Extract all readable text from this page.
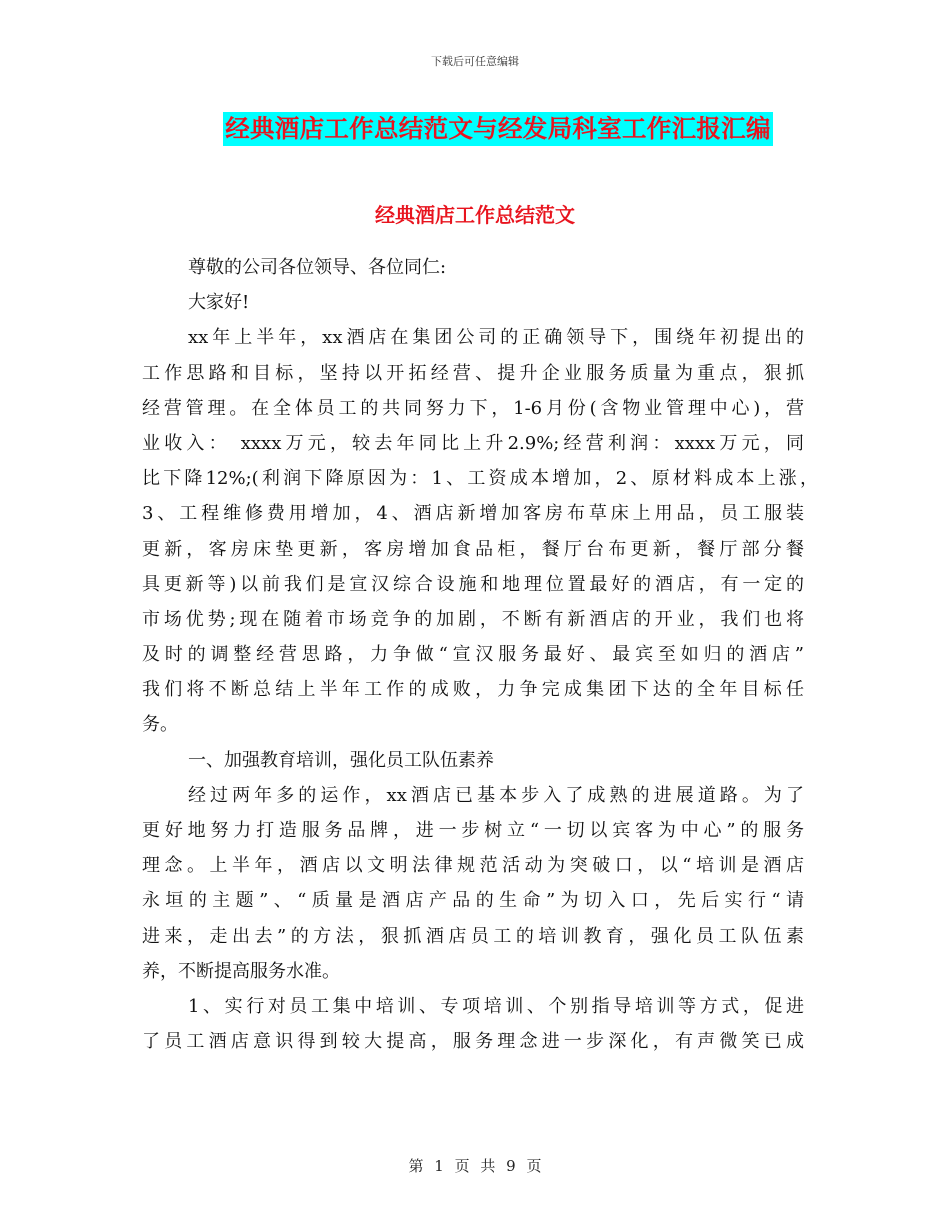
下载后可任意编辑
经典酒店工作总结范文与经发局科室工作汇报汇编
经典酒店工作总结范文
尊敬的公司各位领导、各位同仁:
大家好!
xx年上半年，xx酒店在集团公司的正确领导下，围绕年初提出的
工作思路和目标，坚持以开拓经营、提升企业服务质量为重点，狠抓
经营管理。在全体员工的共同努力下，1-6月份(含物业管理中心)，营
业收入： xxxx万元，较去年同比上升2.9%;经营利润：xxxx万元，同
比下降12%;(利润下降原因为：1、工资成本增加，2、原材料成本上涨，
3、工程维修费用增加，4、酒店新增加客房布草床上用品，员工服装
更新，客房床垫更新，客房增加食品柜，餐厅台布更新，餐厅部分餐
具更新等)以前我们是宣汉综合设施和地理位置最好的酒店，有一定的
市场优势;现在随着市场竞争的加剧，不断有新酒店的开业，我们也将
及时的调整经营思路，力争做“宣汉服务最好、最宾至如归的酒店”
我们将不断总结上半年工作的成败，力争完成集团下达的全年目标任
务。
一、加强教育培训，强化员工队伍素养
经过两年多的运作，xx酒店已基本步入了成熟的进展道路。为了
更好地努力打造服务品牌，进一步树立“一切以宾客为中心”的服务
理念。上半年，酒店以文明法律规范活动为突破口，以“培训是酒店
永垣的主题”、“质量是酒店产品的生命”为切入口，先后实行“请
进来，走出去”的方法，狠抓酒店员工的培训教育，强化员工队伍素
养，不断提高服务水准。
1、实行对员工集中培训、专项培训、个别指导培训等方式，促进
了员工酒店意识得到较大提高，服务理念进一步深化，有声微笑已成
第 1 页 共 9 页
